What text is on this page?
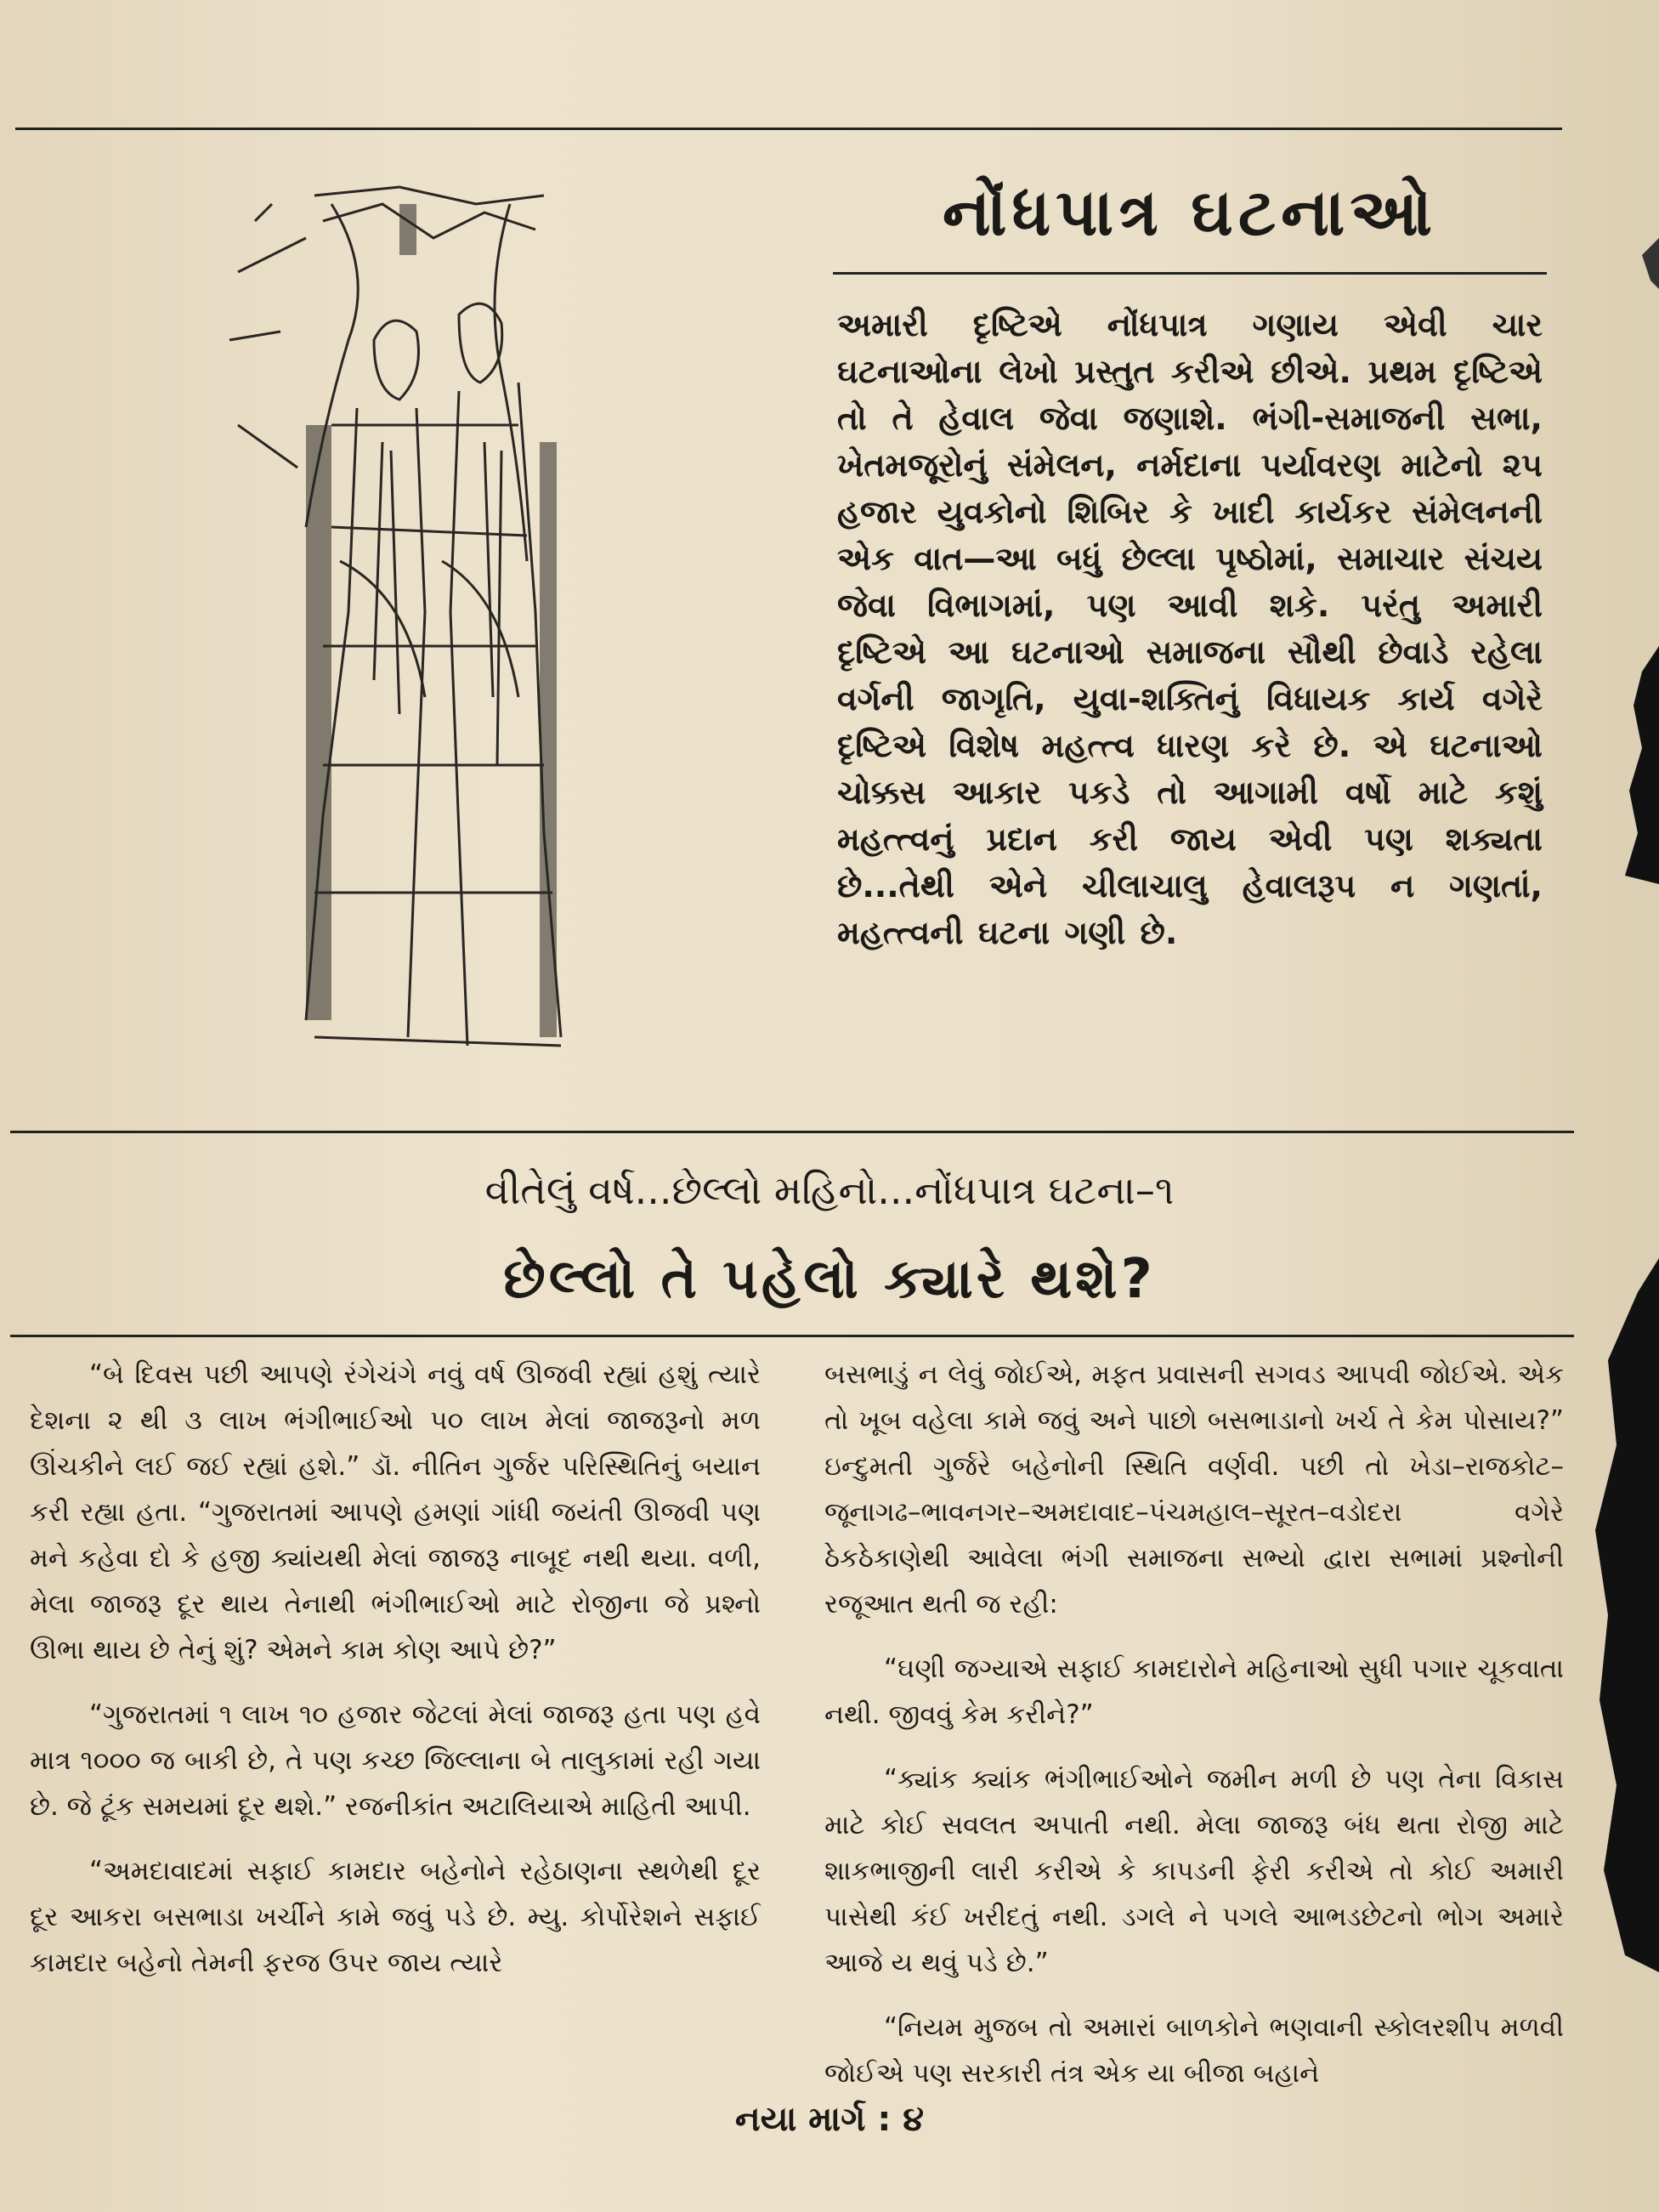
નોંધપાત્ર ઘટનાઓ
અમારી દૃષ્ટિએ નોંધપાત્ર ગણાય એવી ચાર ઘટનાઓના લેખો પ્રસ્તુત કરીએ છીએ. પ્રથમ દૃષ્ટિએ તો તે હેવાલ જેવા જણાશે. ભંગી-સમાજની સભા, ખેતમજૂરોનું સંમેલન, નર્મદાના પર્યાવરણ માટેનો ૨૫ હજાર યુવકોનો શિબિર કે ખાદી કાર્યકર સંમેલનની એક વાત—આ બધું છેલ્લા પૃષ્ઠોમાં, સમાચાર સંચય જેવા વિભાગમાં, પણ આવી શકે. પરંતુ અમારી દૃષ્ટિએ આ ઘટનાઓ સમાજના સૌથી છેવાડે રહેલા વર્ગની જાગૃતિ, યુવા-શક્તિનું વિધાયક કાર્ય વગેરે દૃષ્ટિએ વિશેષ મહત્ત્વ ધારણ કરે છે. એ ઘટનાઓ ચોક્કસ આકાર પકડે તો આગામી વર્ષો માટે કશું મહત્ત્વનું પ્રદાન કરી જાય એવી પણ શક્યતા છે...તેથી એને ચીલાચાલુ હેવાલરૂપ ન ગણતાં, મહત્ત્વની ઘટના ગણી છે.
વીતેલું વર્ષ...છેલ્લો મહિનો...નોંધપાત્ર ઘટના–૧
છેલ્લો તે પહેલો ક્યારે થશે?

“બે દિવસ પછી આપણે રંગેચંગે નવું વર્ષ ઊજવી રહ્યાં હશું ત્યારે દેશના ૨ થી ૩ લાખ ભંગીભાઈઓ ૫૦ લાખ મેલાં જાજરૂનો મળ ઊંચકીને લઈ જઈ રહ્યાં હશે.” ડૉ. નીતિન ગુર્જર પરિસ્થિતિનું બયાન કરી રહ્યા હતા. “ગુજરાતમાં આપણે હમણાં ગાંધી જયંતી ઊજવી પણ મને કહેવા દો કે હજી ક્યાંયથી મેલાં જાજરૂ નાબૂદ નથી થયા. વળી, મેલા જાજરૂ દૂર થાય તેનાથી ભંગીભાઈઓ માટે રોજીના જે પ્રશ્નો ઊભા થાય છે તેનું શું? એમને કામ કોણ આપે છે?”

“ગુજરાતમાં ૧ લાખ ૧૦ હજાર જેટલાં મેલાં જાજરૂ હતા પણ હવે માત્ર ૧૦૦૦ જ બાકી છે, તે પણ કચ્છ જિલ્લાના બે તાલુકામાં રહી ગયા છે. જે ટૂંક સમયમાં દૂર થશે.” રજનીકાંત અટાલિયાએ માહિતી આપી.

“અમદાવાદમાં સફાઈ કામદાર બહેનોને રહેઠાણના સ્થળેથી દૂર દૂર આકરા બસભાડા ખર્ચીને કામે જવું પડે છે. મ્યુ. કોર્પોરેશને સફાઈ કામદાર બહેનો તેમની ફરજ ઉપર જાય ત્યારે

બસભાડું ન લેવું જોઈએ, મફત પ્રવાસની સગવડ આપવી જોઈએ. એક તો ખૂબ વહેલા કામે જવું અને પાછો બસભાડાનો ખર્ચ તે કેમ પોસાય?” ઇન્દુમતી ગુર્જરે બહેનોની સ્થિતિ વર્ણવી. પછી તો ખેડા–રાજકોટ–જૂનાગઢ–ભાવનગર–અમદાવાદ–પંચમહાલ–સૂરત–વડોદરા વગેરે ઠેકઠેકાણેથી આવેલા ભંગી સમાજના સભ્યો દ્વારા સભામાં પ્રશ્નોની રજૂઆત થતી જ રહી:

“ઘણી જગ્યાએ સફાઈ કામદારોને મહિનાઓ સુધી પગાર ચૂકવાતા નથી. જીવવું કેમ કરીને?”

“ક્યાંક ક્યાંક ભંગીભાઈઓને જમીન મળી છે પણ તેના વિકાસ માટે કોઈ સવલત અપાતી નથી. મેલા જાજરૂ બંધ થતા રોજી માટે શાકભાજીની લારી કરીએ કે કાપડની ફેરી કરીએ તો કોઈ અમારી પાસેથી કંઈ ખરીદતું નથી. ડગલે ને પગલે આભડછેટનો ભોગ અમારે આજે ય થવું પડે છે.”

“નિયમ મુજબ તો અમારાં બાળકોને ભણવાની સ્કોલરશીપ મળવી જોઈએ પણ સરકારી તંત્ર એક યા બીજા બહાને

નયા માર્ગ : ૪
